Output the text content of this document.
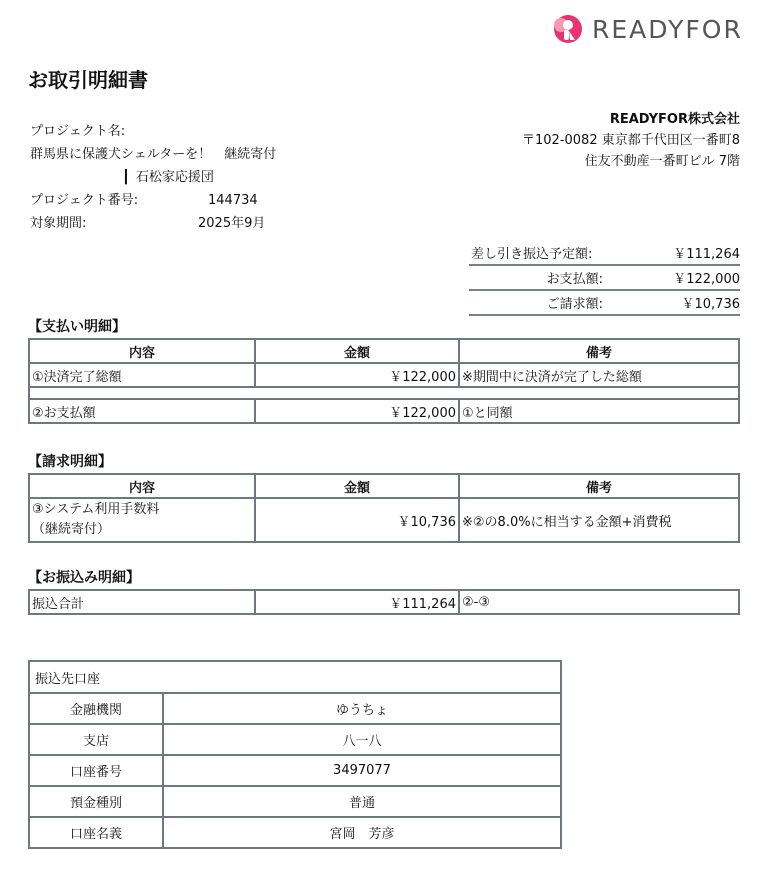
READYFOR
お取引明細書
READYFOR株式会社
〒102-0082 東京都千代田区一番町8
住友不動産一番町ビル 7階
プロジェクト名:
群馬県に保護犬シェルターを！　継続寄付
┃ 石松家応援団
プロジェクト番号:	144734
対象期間:	2025年9月
差し引き振込予定額:	￥111,264
お支払額:	￥122,000
ご請求額:	￥10,736
【支払い明細】
内容	金額	備考
①決済完了総額	￥122,000	※期間中に決済が完了した総額

②お支払額	￥122,000	①と同額
【請求明細】
内容	金額	備考

③システム利用手数料
（継続寄付）	￥10,736	※②の8.0%に相当する金額+消費税
【お振込み明細】
振込合計	￥111,264	②-③
振込先口座	
金融機関	ゆうちょ
支店	八一八
口座番号	3497077
預金種別	普通
口座名義	宮岡　芳彦
